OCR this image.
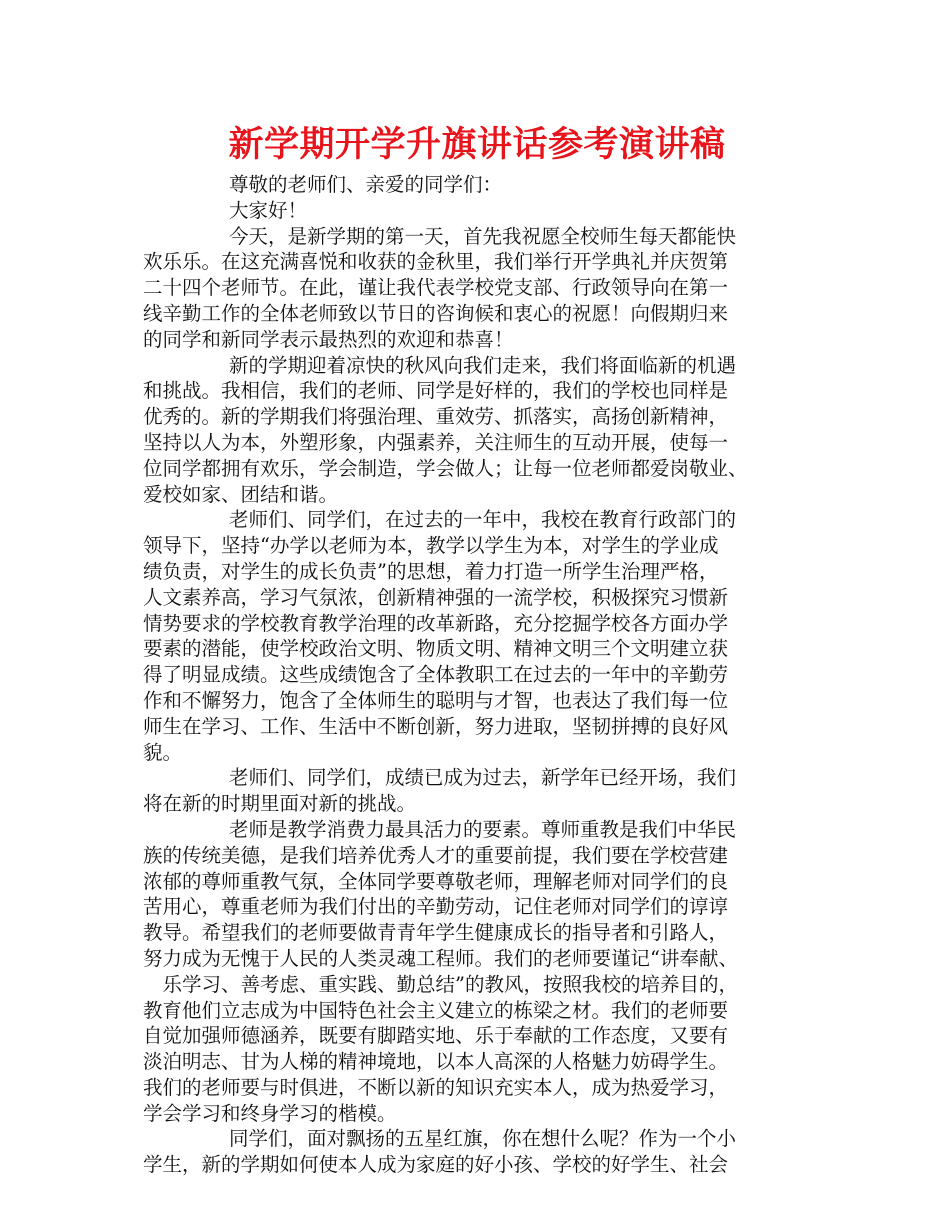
新学期开学升旗讲话参考演讲稿

尊敬的老师们、亲爱的同学们：

大家好！

今天，是新学期的第一天，首先我祝愿全校师生每天都能快

欢乐乐。在这充满喜悦和收获的金秋里，我们举行开学典礼并庆贺第

二十四个老师节。在此，谨让我代表学校党支部、行政领导向在第一

线辛勤工作的全体老师致以节日的咨询候和衷心的祝愿！向假期归来

的同学和新同学表示最热烈的欢迎和恭喜！

新的学期迎着凉快的秋风向我们走来，我们将面临新的机遇

和挑战。我相信，我们的老师、同学是好样的，我们的学校也同样是

优秀的。新的学期我们将强治理、重效劳、抓落实，高扬创新精神，

坚持以人为本，外塑形象，内强素养，关注师生的互动开展，使每一

位同学都拥有欢乐，学会制造，学会做人；让每一位老师都爱岗敬业、

爱校如家、团结和谐。

老师们、同学们，在过去的一年中，我校在教育行政部门的

领导下，坚持“办学以老师为本，教学以学生为本，对学生的学业成

绩负责，对学生的成长负责”的思想，着力打造一所学生治理严格，

人文素养高，学习气氛浓，创新精神强的一流学校，积极探究习惯新

情势要求的学校教育教学治理的改革新路，充分挖掘学校各方面办学

要素的潜能，使学校政治文明、物质文明、精神文明三个文明建立获

得了明显成绩。这些成绩饱含了全体教职工在过去的一年中的辛勤劳

作和不懈努力，饱含了全体师生的聪明与才智，也表达了我们每一位

师生在学习、工作、生活中不断创新，努力进取，坚韧拼搏的良好风

貌。

老师们、同学们，成绩已成为过去，新学年已经开场，我们

将在新的时期里面对新的挑战。

老师是教学消费力最具活力的要素。尊师重教是我们中华民

族的传统美德，是我们培养优秀人才的重要前提，我们要在学校营建

浓郁的尊师重教气氛，全体同学要尊敬老师，理解老师对同学们的良

苦用心，尊重老师为我们付出的辛勤劳动，记住老师对同学们的谆谆

教导。希望我们的老师要做青青年学生健康成长的指导者和引路人，

努力成为无愧于人民的人类灵魂工程师。我们的老师要谨记“讲奉献、

　乐学习、善考虑、重实践、勤总结”的教风，按照我校的培养目的，

教育他们立志成为中国特色社会主义建立的栋梁之材。我们的老师要

自觉加强师德涵养，既要有脚踏实地、乐于奉献的工作态度，又要有

淡泊明志、甘为人梯的精神境地，以本人高深的人格魅力妨碍学生。

我们的老师要与时俱进，不断以新的知识充实本人，成为热爱学习，

学会学习和终身学习的楷模。

同学们，面对飘扬的五星红旗，你在想什么呢？作为一个小

学生，新的学期如何使本人成为家庭的好小孩、学校的好学生、社会
